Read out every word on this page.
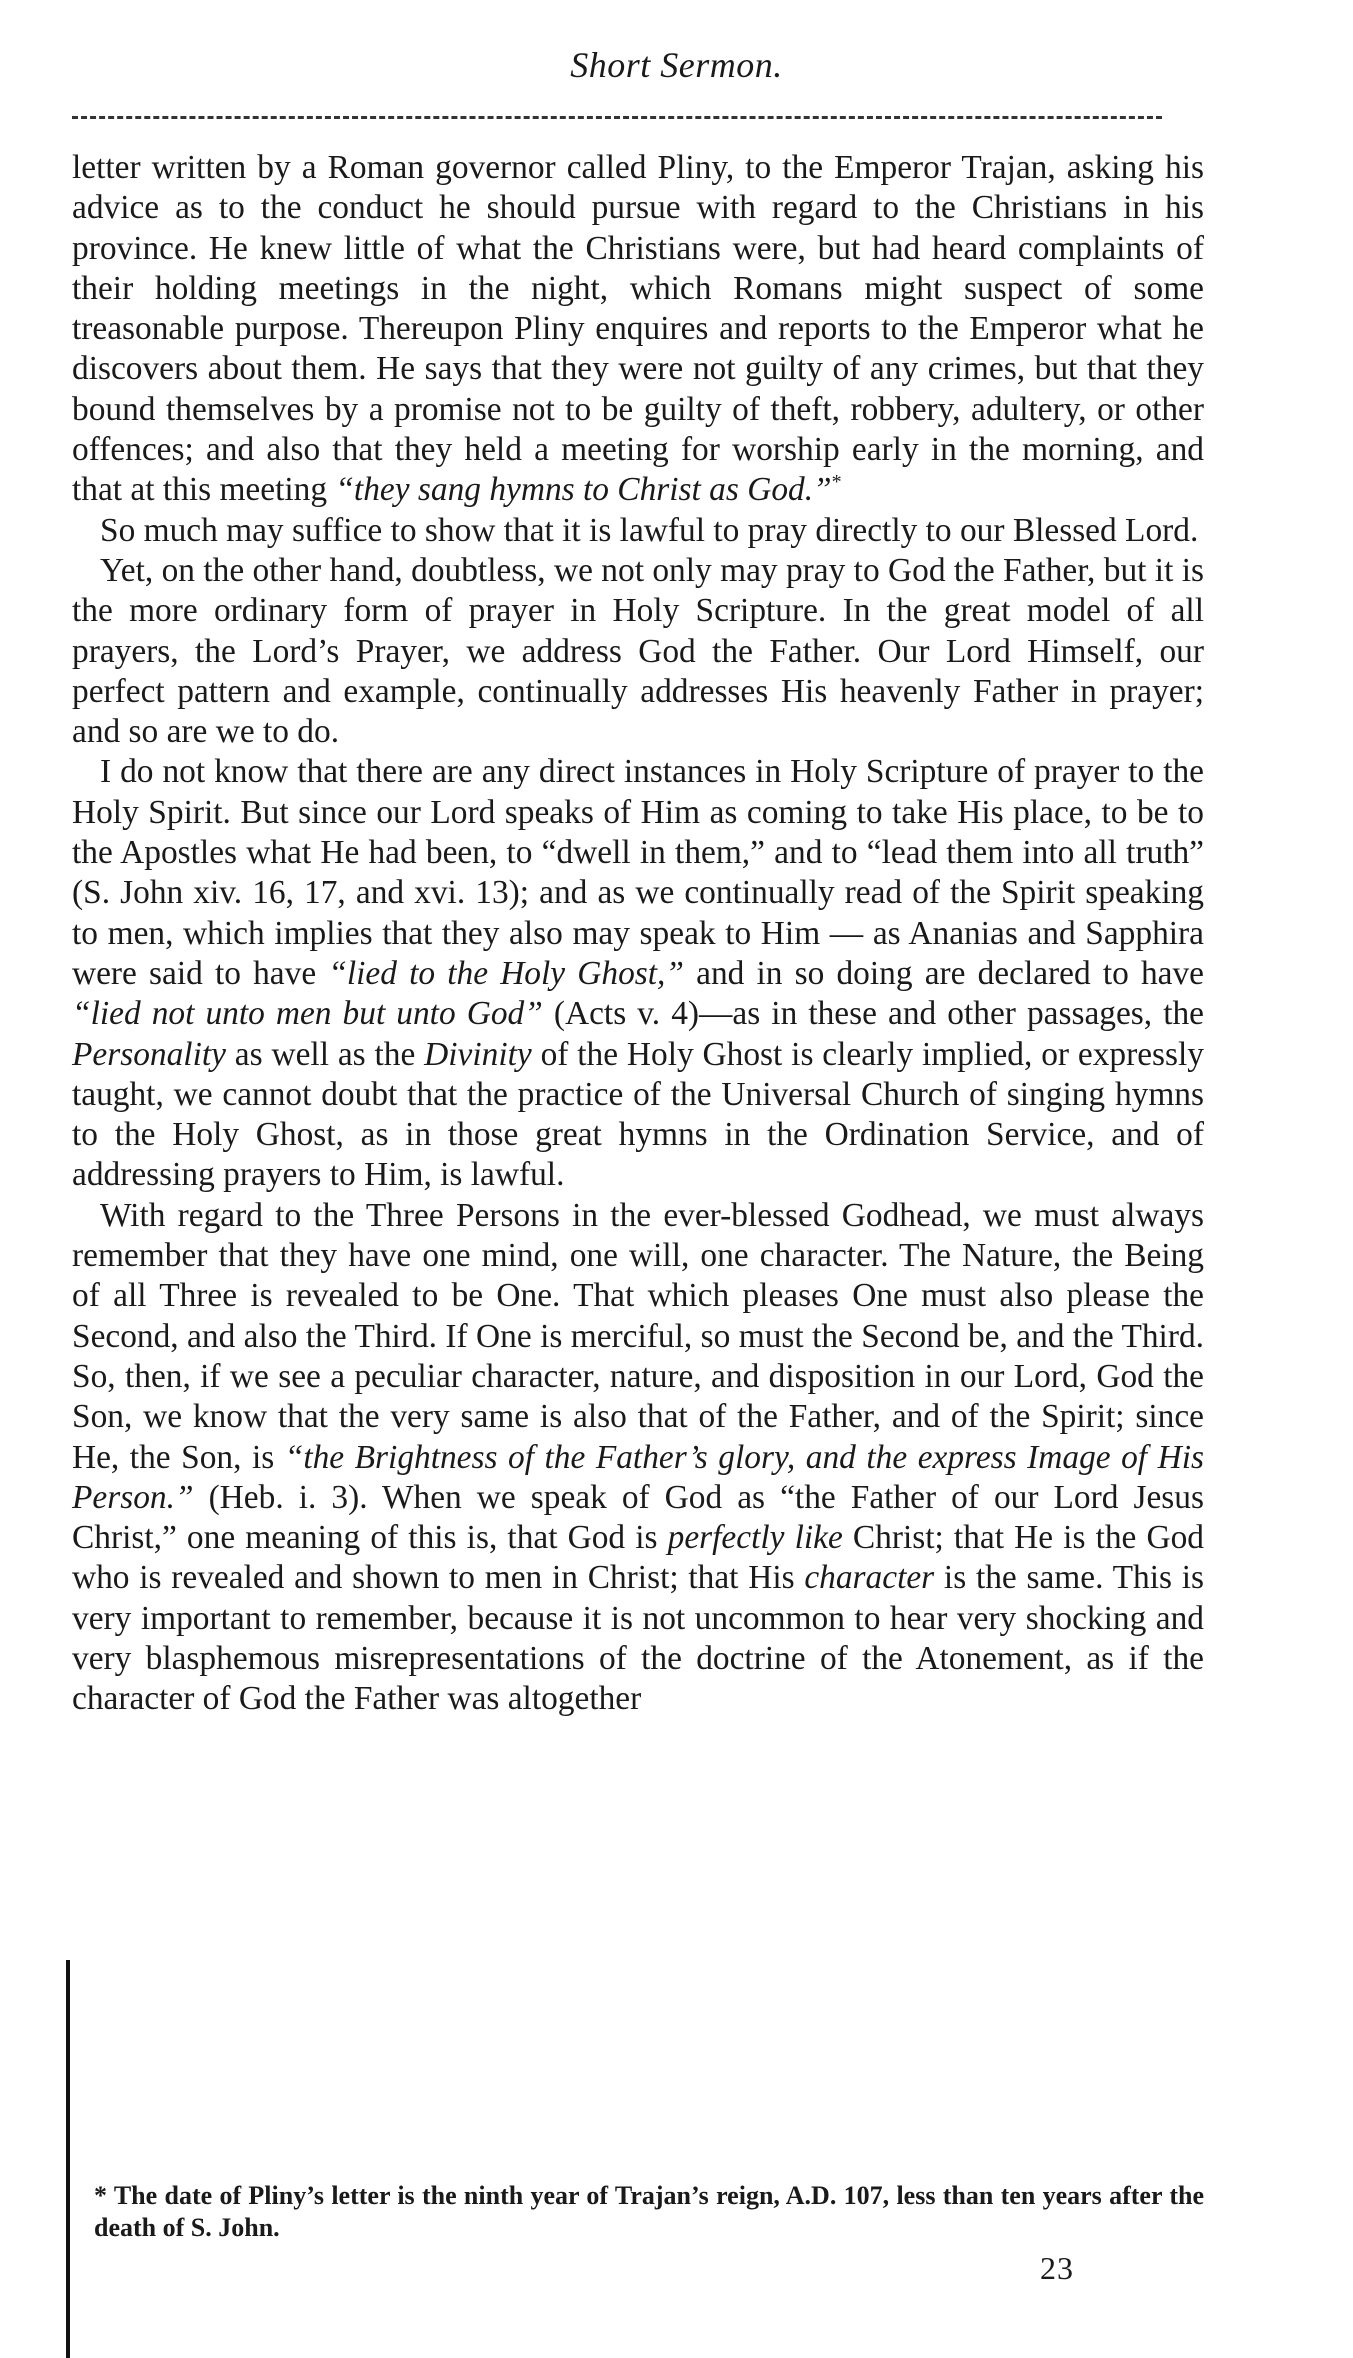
Short Sermon.

letter written by a Roman governor called Pliny, to the Emperor Trajan, asking his advice as to the conduct he should pursue with regard to the Christians in his province. He knew little of what the Christians were, but had heard complaints of their holding meetings in the night, which Romans might suspect of some treasonable purpose. Thereupon Pliny enquires and reports to the Emperor what he discovers about them. He says that they were not guilty of any crimes, but that they bound themselves by a promise not to be guilty of theft, robbery, adultery, or other offences; and also that they held a meeting for worship early in the morning, and that at this meeting “they sang hymns to Christ as God.”*

So much may suffice to show that it is lawful to pray directly to our Blessed Lord.

Yet, on the other hand, doubtless, we not only may pray to God the Father, but it is the more ordinary form of prayer in Holy Scripture. In the great model of all prayers, the Lord’s Prayer, we address God the Father. Our Lord Himself, our perfect pattern and example, continually addresses His heavenly Father in prayer; and so are we to do.

I do not know that there are any direct instances in Holy Scripture of prayer to the Holy Spirit. But since our Lord speaks of Him as coming to take His place, to be to the Apostles what He had been, to “dwell in them,” and to “lead them into all truth” (S. John xiv. 16, 17, and xvi. 13); and as we continually read of the Spirit speaking to men, which implies that they also may speak to Him — as Ananias and Sapphira were said to have “lied to the Holy Ghost,” and in so doing are declared to have “lied not unto men but unto God” (Acts v. 4)—as in these and other passages, the Personality as well as the Divinity of the Holy Ghost is clearly implied, or expressly taught, we cannot doubt that the practice of the Universal Church of singing hymns to the Holy Ghost, as in those great hymns in the Ordination Service, and of addressing prayers to Him, is lawful.

With regard to the Three Persons in the ever-blessed Godhead, we must always remember that they have one mind, one will, one character. The Nature, the Being of all Three is revealed to be One. That which pleases One must also please the Second, and also the Third. If One is merciful, so must the Second be, and the Third. So, then, if we see a peculiar character, nature, and disposition in our Lord, God the Son, we know that the very same is also that of the Father, and of the Spirit; since He, the Son, is “the Brightness of the Father’s glory, and the express Image of His Person.” (Heb. i. 3). When we speak of God as “the Father of our Lord Jesus Christ,” one meaning of this is, that God is perfectly like Christ; that He is the God who is revealed and shown to men in Christ; that His character is the same. This is very important to remember, because it is not uncommon to hear very shocking and very blasphemous misrepresentations of the doctrine of the Atonement, as if the character of God the Father was altogether

* The date of Pliny’s letter is the ninth year of Trajan’s reign, A.D. 107, less than ten years after the death of S. John.
23
